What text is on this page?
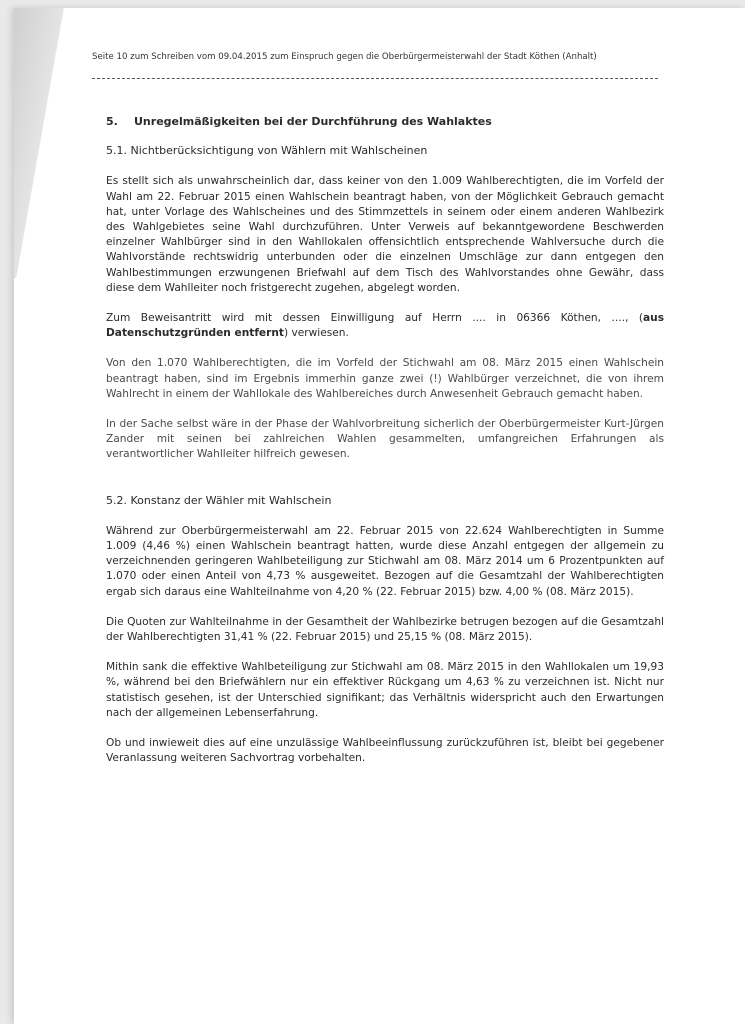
Seite 10 zum Schreiben vom 09.04.2015 zum Einspruch gegen die Oberbürgermeisterwahl der Stadt Köthen (Anhalt)
5.	Unregelmäßigkeiten bei der Durchführung des Wahlaktes
5.1. Nichtberücksichtigung von Wählern mit Wahlscheinen

Es stellt sich als unwahrscheinlich dar, dass keiner von den 1.009 Wahlberechtigten, die im Vorfeld der Wahl am 22. Februar 2015 einen Wahlschein beantragt haben, von der Möglichkeit Gebrauch gemacht hat, unter Vorlage des Wahlscheines und des Stimmzettels in seinem oder einem anderen Wahlbezirk des Wahlgebietes seine Wahl durchzuführen. Unter Verweis auf bekanntgewordene Beschwerden einzelner Wahlbürger sind in den Wahllokalen offensichtlich entsprechende Wahlversuche durch die Wahlvorstände rechtswidrig unterbunden oder die einzelnen Umschläge zur dann entgegen den Wahlbestimmungen erzwungenen Briefwahl auf dem Tisch des Wahlvorstandes ohne Gewähr, dass diese dem Wahlleiter noch fristgerecht zugehen, abgelegt worden.

Zum Beweisantritt wird mit dessen Einwilligung auf Herrn .... in 06366 Köthen, ...., (aus Datenschutzgründen entfernt) verwiesen.

Von den 1.070 Wahlberechtigten, die im Vorfeld der Stichwahl am 08. März 2015 einen Wahlschein beantragt haben, sind im Ergebnis immerhin ganze zwei (!) Wahlbürger verzeichnet, die von ihrem Wahlrecht in einem der Wahllokale des Wahlbereiches durch Anwesenheit Gebrauch gemacht haben.

In der Sache selbst wäre in der Phase der Wahlvorbreitung sicherlich der Oberbürgermeister Kurt-Jürgen Zander mit seinen bei zahlreichen Wahlen gesammelten, umfangreichen Erfahrungen als verantwortlicher Wahlleiter hilfreich gewesen.

5.2. Konstanz der Wähler mit Wahlschein

Während zur Oberbürgermeisterwahl am 22. Februar 2015 von 22.624 Wahlberechtigten in Summe 1.009 (4,46 %) einen Wahlschein beantragt hatten, wurde diese Anzahl entgegen der allgemein zu verzeichnenden geringeren Wahlbeteiligung zur Stichwahl am 08. März 2014 um 6 Prozentpunkten auf 1.070 oder einen Anteil von 4,73 % ausgeweitet. Bezogen auf die Gesamtzahl der Wahlberechtigten ergab sich daraus eine Wahlteilnahme von 4,20 % (22. Februar 2015) bzw. 4,00 % (08. März 2015).

Die Quoten zur Wahlteilnahme in der Gesamtheit der Wahlbezirke betrugen bezogen auf die Gesamtzahl der Wahlberechtigten 31,41 % (22. Februar 2015) und 25,15 % (08. März 2015).

Mithin sank die effektive Wahlbeteiligung zur Stichwahl am 08. März 2015 in den Wahllokalen um 19,93 %, während bei den Briefwählern nur ein effektiver Rückgang um 4,63 % zu verzeichnen ist. Nicht nur statistisch gesehen, ist der Unterschied signifikant; das Verhältnis widerspricht auch den Erwartungen nach der allgemeinen Lebenserfahrung.

Ob und inwieweit dies auf eine unzulässige Wahlbeeinflussung zurückzuführen ist, bleibt bei gegebener Veranlassung weiteren Sachvortrag vorbehalten.
